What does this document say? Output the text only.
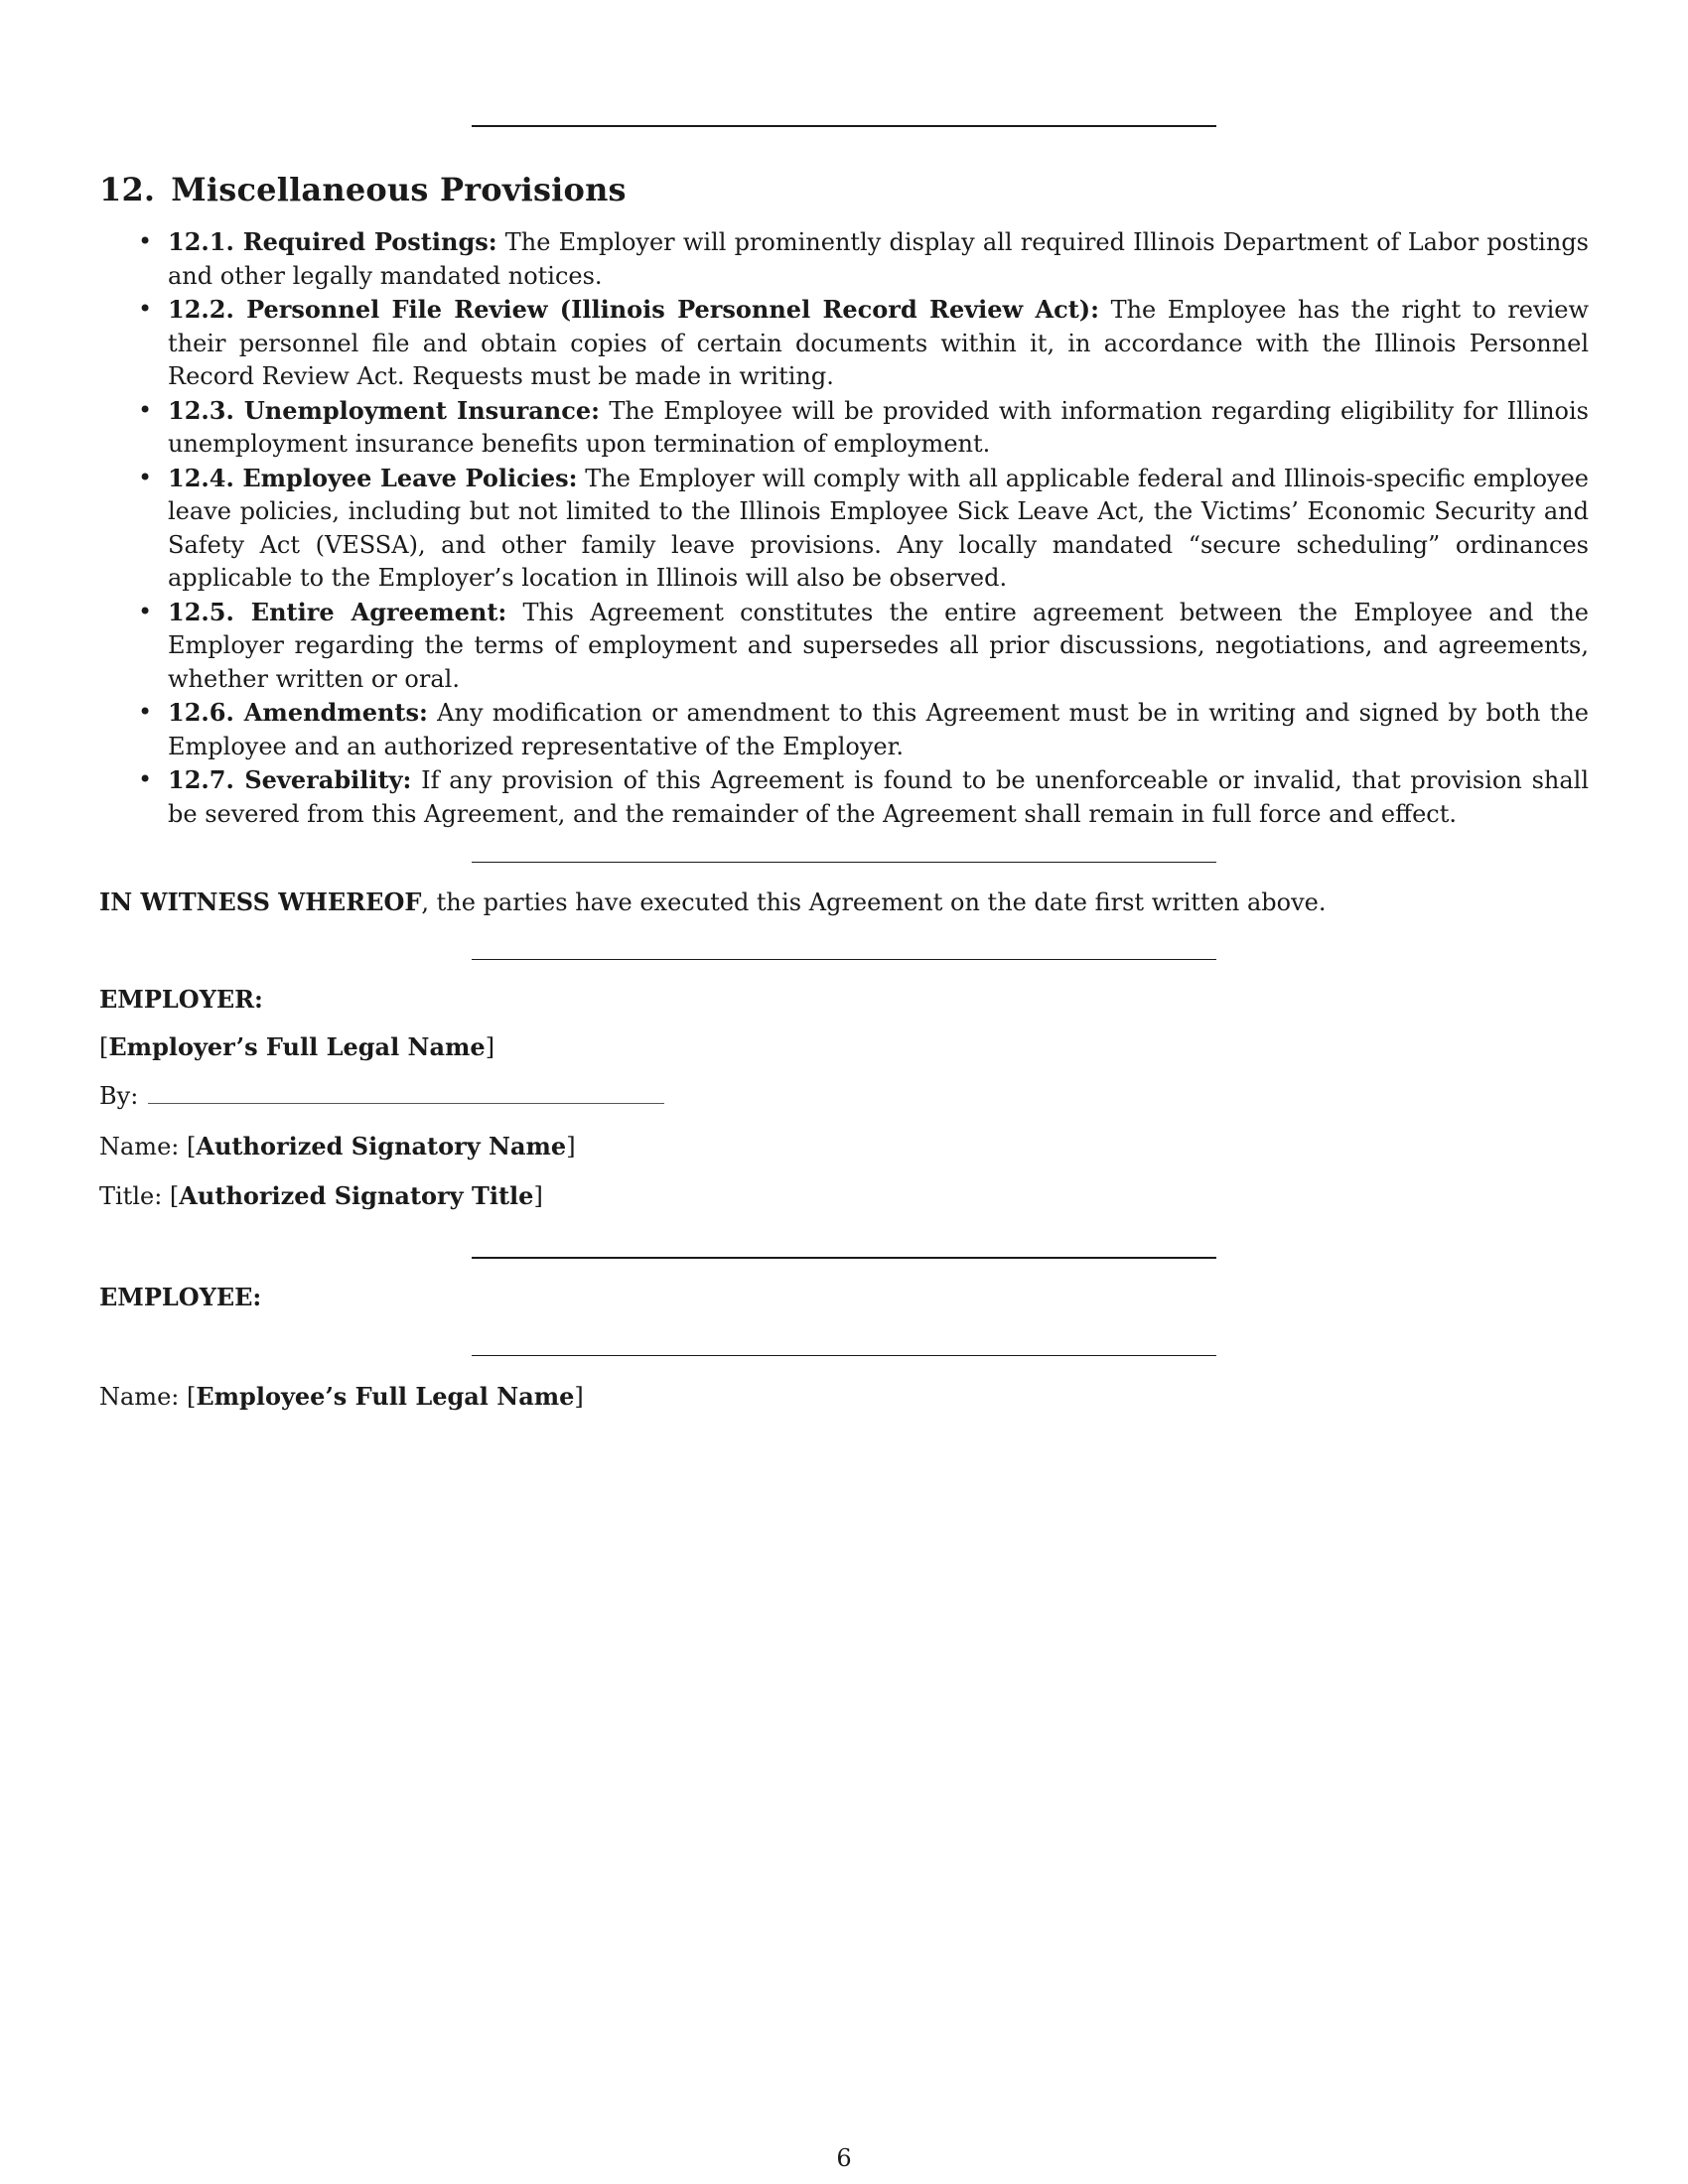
12. Miscellaneous Provisions
• 12.1. Required Postings: The Employer will prominently display all required Illinois Department of Labor postings and other legally mandated notices.
• 12.2. Personnel File Review (Illinois Personnel Record Review Act): The Employee has the right to review their personnel file and obtain copies of certain documents within it, in accordance with the Illinois Personnel Record Review Act. Requests must be made in writing.
• 12.3. Unemployment Insurance: The Employee will be provided with information regarding eligibility for Illinois unemployment insurance benefits upon termination of employment.
• 12.4. Employee Leave Policies: The Employer will comply with all applicable federal and Illinois-specific employee leave policies, including but not limited to the Illinois Employee Sick Leave Act, the Victims’ Economic Security and Safety Act (VESSA), and other family leave provisions. Any locally mandated “secure scheduling” ordinances applicable to the Employer’s location in Illinois will also be observed.
• 12.5. Entire Agreement: This Agreement constitutes the entire agreement between the Employee and the Employer regarding the terms of employment and supersedes all prior discussions, negotiations, and agreements, whether written or oral.
• 12.6. Amendments: Any modification or amendment to this Agreement must be in writing and signed by both the Employee and an authorized representative of the Employer.
• 12.7. Severability: If any provision of this Agreement is found to be unenforceable or invalid, that provision shall be severed from this Agreement, and the remainder of the Agreement shall remain in full force and effect.

IN WITNESS WHEREOF, the parties have executed this Agreement on the date first written above.

EMPLOYER:

[Employer’s Full Legal Name]

By:

Name: [Authorized Signatory Name]

Title: [Authorized Signatory Title]

EMPLOYEE:

Name: [Employee’s Full Legal Name]

6
